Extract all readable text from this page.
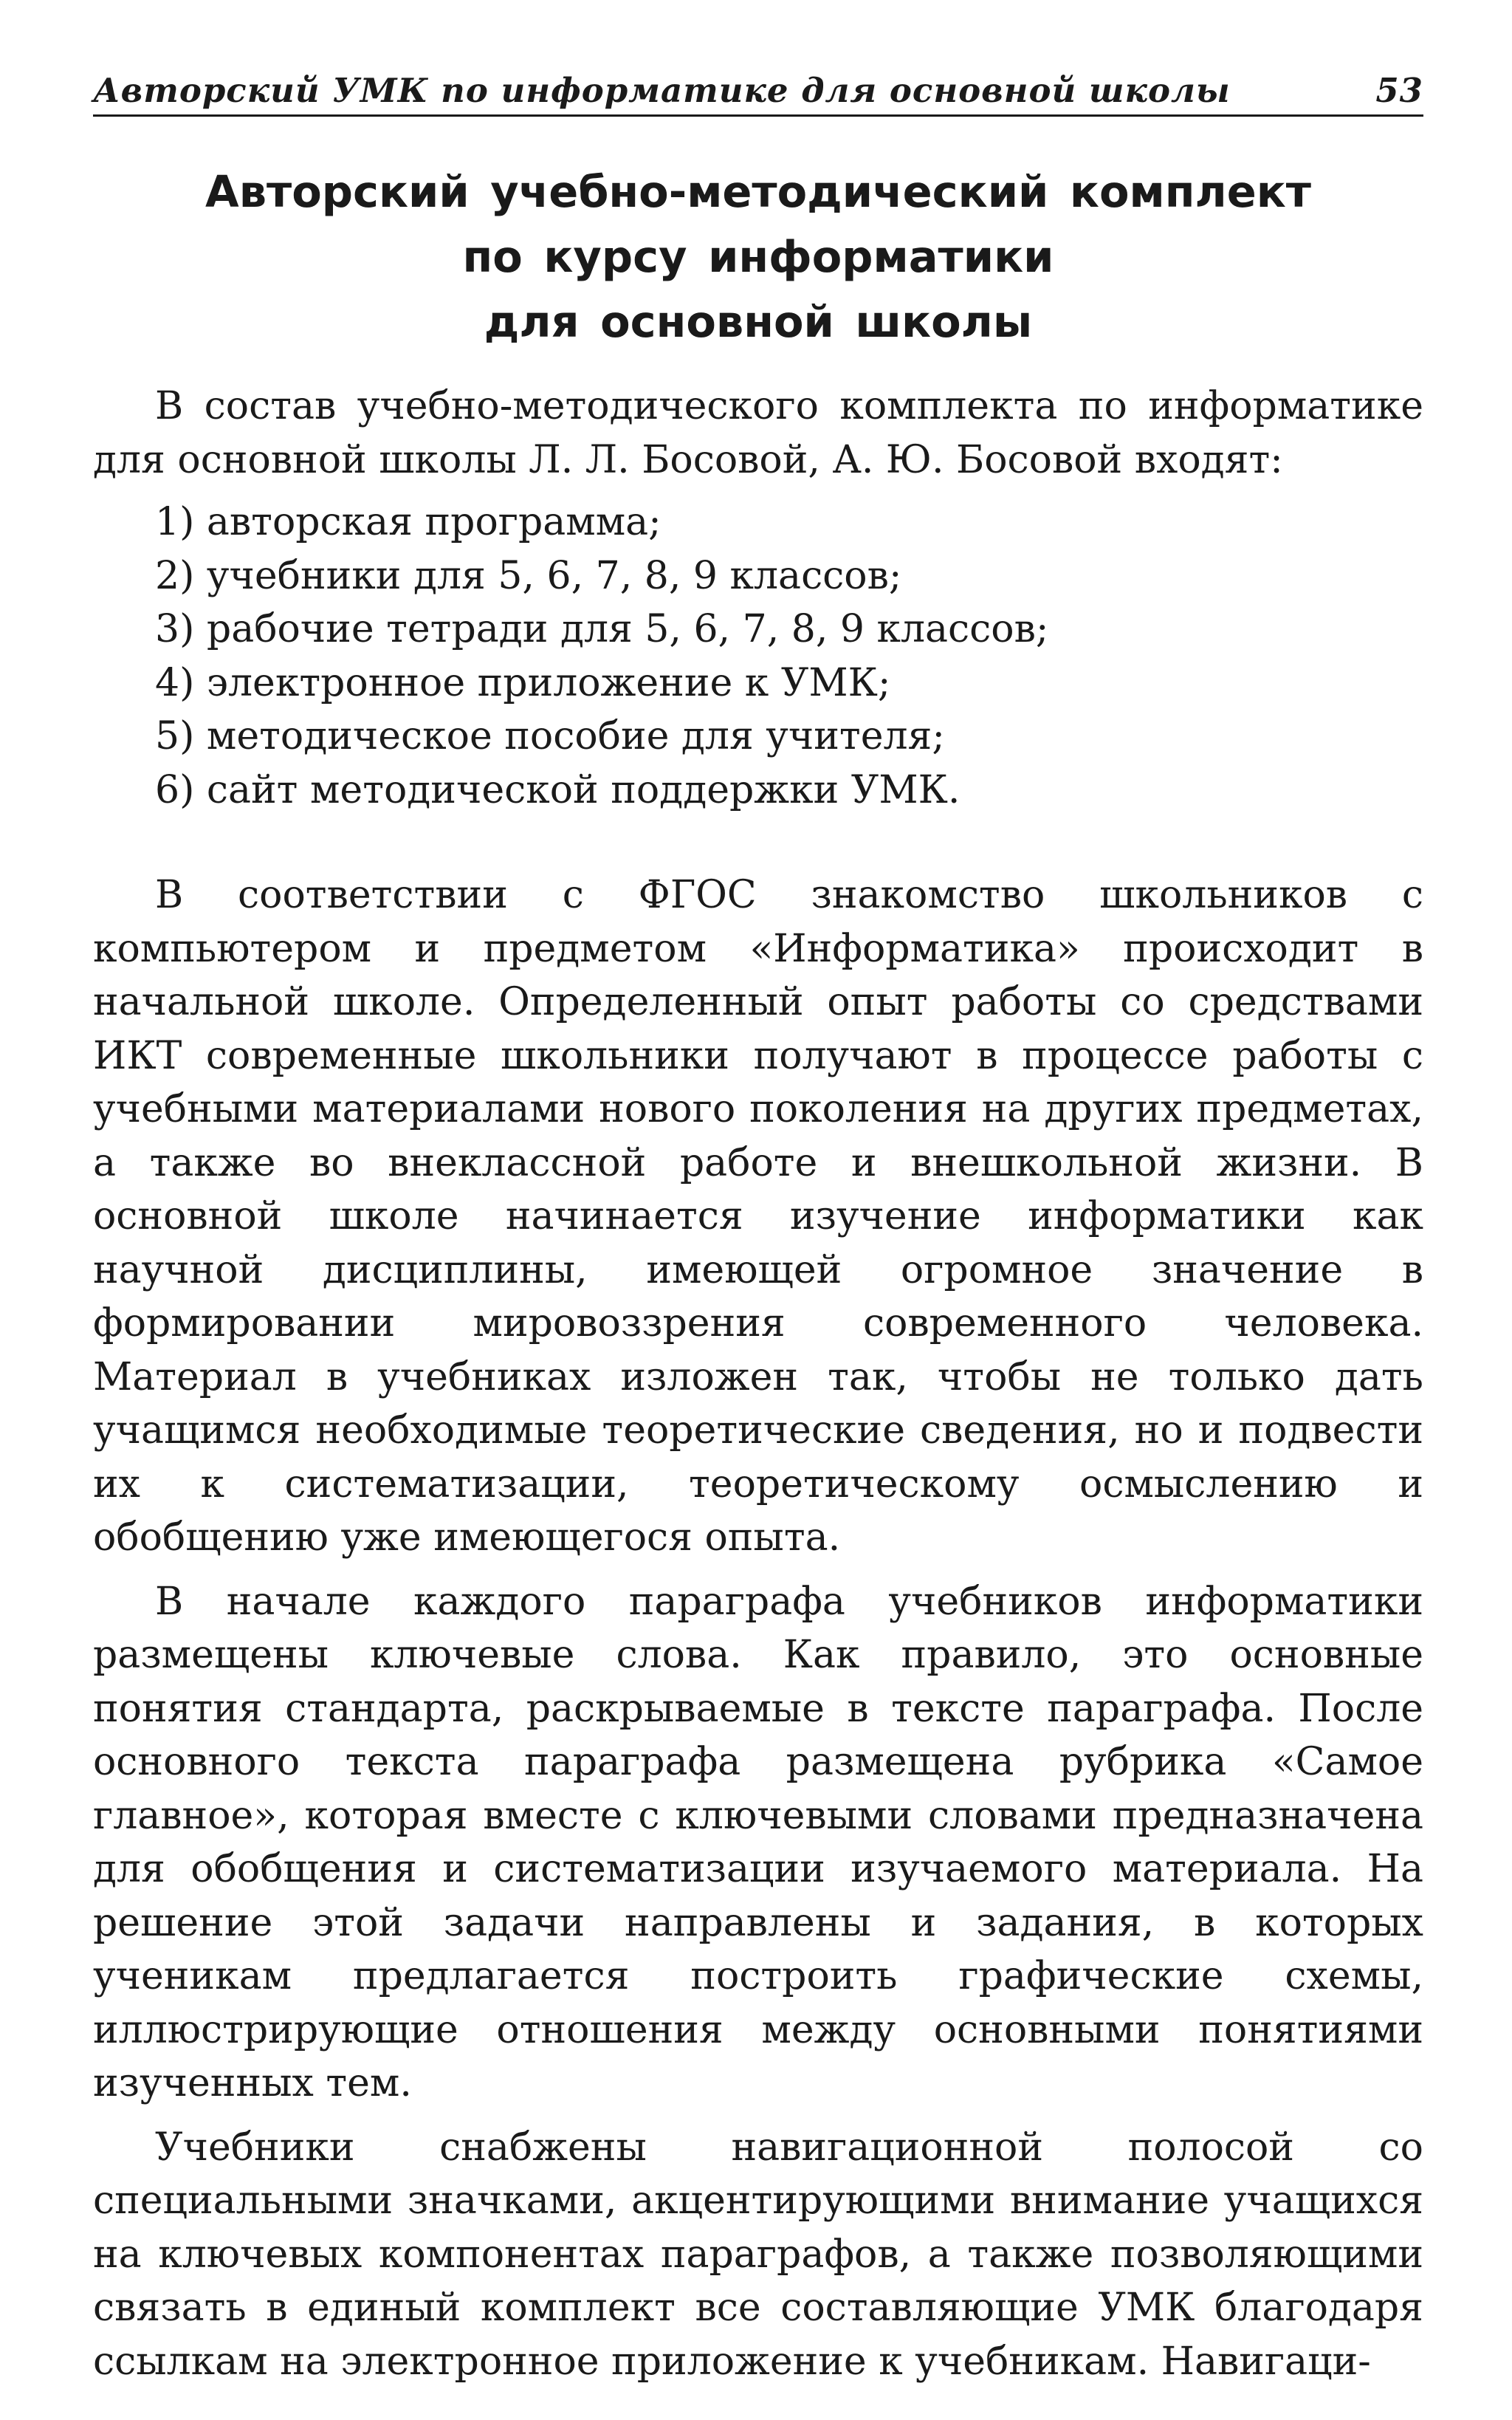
Авторский УМК по информатике для основной школы	53
Авторский учебно-методический комплект
по курсу информатики
для основной школы

В состав учебно-методического комплекта по информатике для основной школы Л. Л. Босовой, А. Ю. Босовой входят:

1) авторская программа;
2) учебники для 5, 6, 7, 8, 9 классов;
3) рабочие тетради для 5, 6, 7, 8, 9 классов;
4) электронное приложение к УМК;
5) методическое пособие для учителя;
6) сайт методической поддержки УМК.

В соответствии с ФГОС знакомство школьников с компьютером и предметом «Информатика» происходит в начальной школе. Определенный опыт работы со средствами ИКТ современные школьники получают в процессе работы с учебными материалами нового поколения на других предметах, а также во внеклассной работе и внешкольной жизни. В основной школе начинается изучение информатики как научной дисциплины, имеющей огромное значение в формировании мировоззрения современного человека. Материал в учебниках изложен так, чтобы не только дать учащимся необходимые теоретические сведения, но и подвести их к систематизации, теоретическому осмыслению и обобщению уже имеющегося опыта.

В начале каждого параграфа учебников информатики размещены ключевые слова. Как правило, это основные понятия стандарта, раскрываемые в тексте параграфа. После основного текста параграфа размещена рубрика «Самое главное», которая вместе с ключевыми словами предназначена для обобщения и систематизации изучаемого материала. На решение этой задачи направлены и задания, в которых ученикам предлагается построить графические схемы, иллюстрирующие отношения между основными понятиями изученных тем.

Учебники снабжены навигационной полосой со специальными значками, акцентирующими внимание учащихся на ключевых компонентах параграфов, а также позволяющими связать в единый комплект все составляющие УМК благодаря ссылкам на электронное приложение к учебникам. Навигаци-
